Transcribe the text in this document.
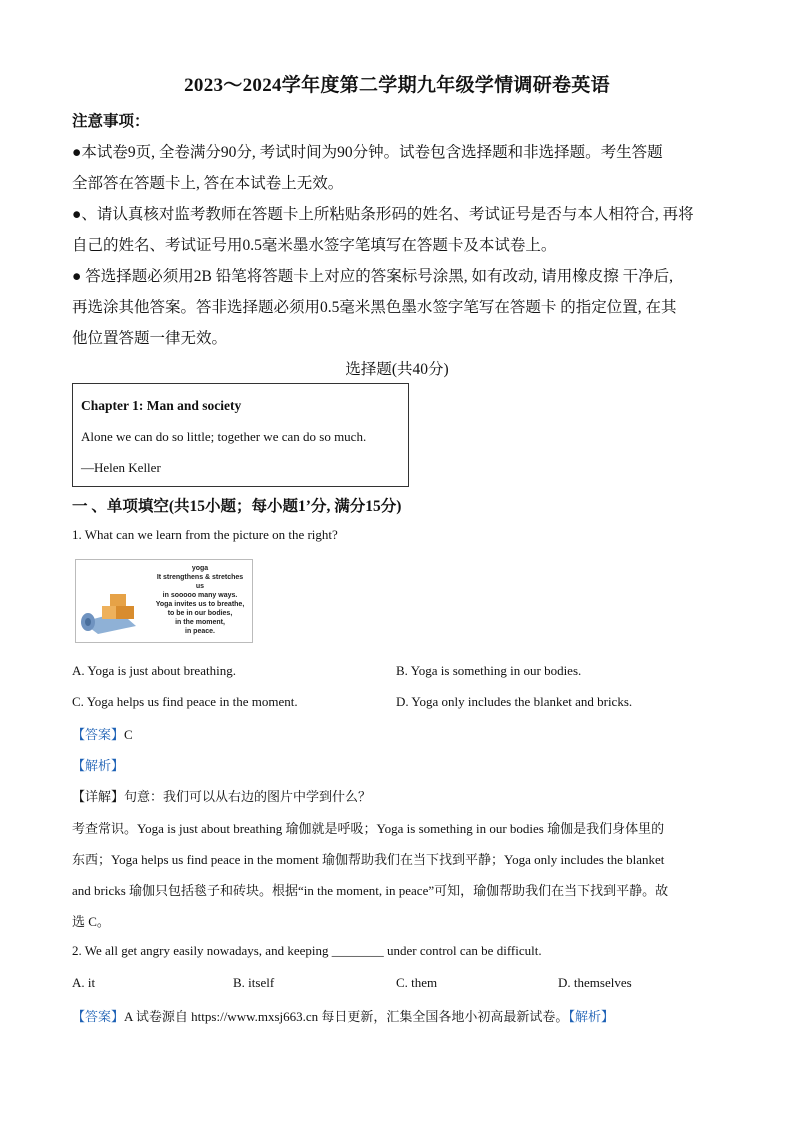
2023～2024学年度第二学期九年级学情调研卷英语
注意事项：
●本试卷9页, 全卷满分90分, 考试时间为90分钟。试卷包含选择题和非选择题。考生答题
全部答在答题卡上, 答在本试卷上无效。
●、请认真核对监考教师在答题卡上所粘贴条形码的姓名、考试证号是否与本人相符合, 再将
自己的姓名、考试证号用0.5毫米墨水签字笔填写在答题卡及本试卷上。
● 答选择题必须用2B 铅笔将答题卡上对应的答案标号涂黑, 如有改动, 请用橡皮擦 干净后,
再选涂其他答案。答非选择题必须用0.5毫米黑色墨水签字笔写在答题卡 的指定位置, 在其
他位置答题一律无效。
选择题(共40分)
Chapter 1: Man and society
Alone we can do so little; together we can do so much.
—Helen Keller
一 、单项填空(共15小题；每小题1’分, 满分15分)
1. What can we learn from the picture on the right?
yoga
It strengthens & stretches
us
in sooooo many ways.
Yoga invites us to breathe,
to be in our bodies,
in the moment,
in peace.
A. Yoga is just about breathing.	B. Yoga is something in our bodies.
C. Yoga helps us find peace in the moment.	D. Yoga only includes the blanket and bricks.
【答案】C
【解析】
【详解】句意：我们可以从右边的图片中学到什么？
考查常识。Yoga is just about breathing 瑜伽就是呼吸；Yoga is something in our bodies 瑜伽是我们身体里的
东西；Yoga helps us find peace in the moment 瑜伽帮助我们在当下找到平静；Yoga only includes the blanket
and bricks 瑜伽只包括毯子和砖块。根据“in the moment, in peace”可知，瑜伽帮助我们在当下找到平静。故
选 C。
2. We all get angry easily nowadays, and keeping ________ under control can be difficult.
A. it	B. itself	C. them	D. themselves
【答案】A 试卷源自 https://www.mxsj663.cn 每日更新，汇集全国各地小初高最新试卷。【解析】
